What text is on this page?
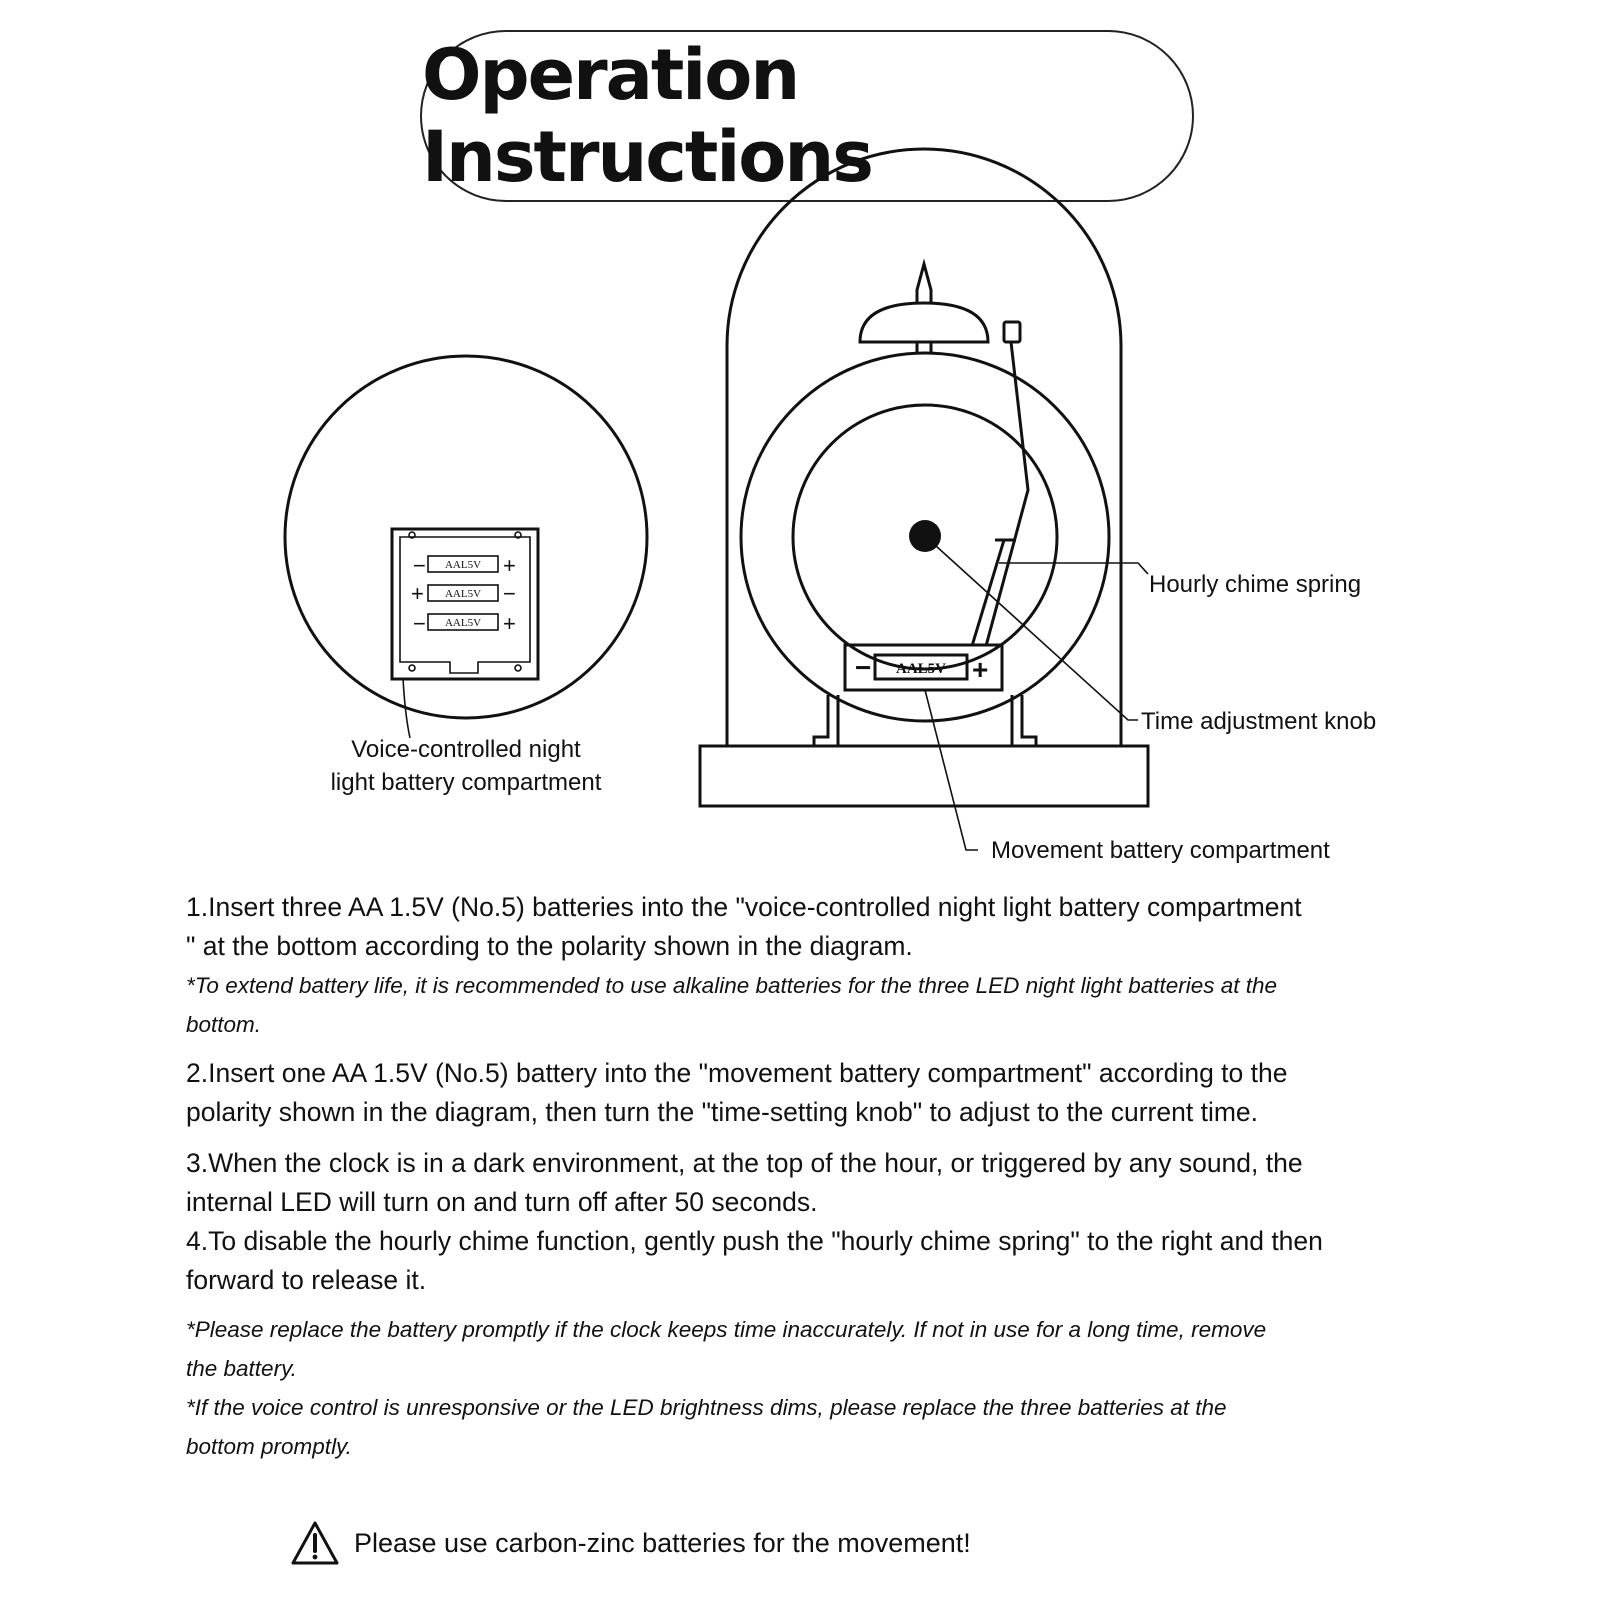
Operation Instructions
− AAL5V +
+ AAL5V −
− AAL5V +
Voice-controlled night
light battery compartment
− AAL5V +
Hourly chime spring
Time adjustment knob
Movement battery compartment

1.Insert three AA 1.5V (No.5) batteries into the "voice-controlled night light battery compartment

" at the bottom according to the polarity shown in the diagram.

*To extend battery life, it is recommended to use alkaline batteries for the three LED night light batteries at the

bottom.

2.Insert one AA 1.5V (No.5) battery into the "movement battery compartment" according to the

polarity shown in the diagram, then turn the "time-setting knob" to adjust to the current time.

3.When the clock is in a dark environment, at the top of the hour, or triggered by any sound, the

internal LED will turn on and turn off after 50 seconds.

4.To disable the hourly chime function, gently push the "hourly chime spring" to the right and then

forward to release it.

*Please replace the battery promptly if the clock keeps time inaccurately. If not in use for a long time, remove

the battery.

*If the voice control is unresponsive or the LED brightness dims, please replace the three batteries at the

bottom promptly.

Please use carbon-zinc batteries for the movement!
